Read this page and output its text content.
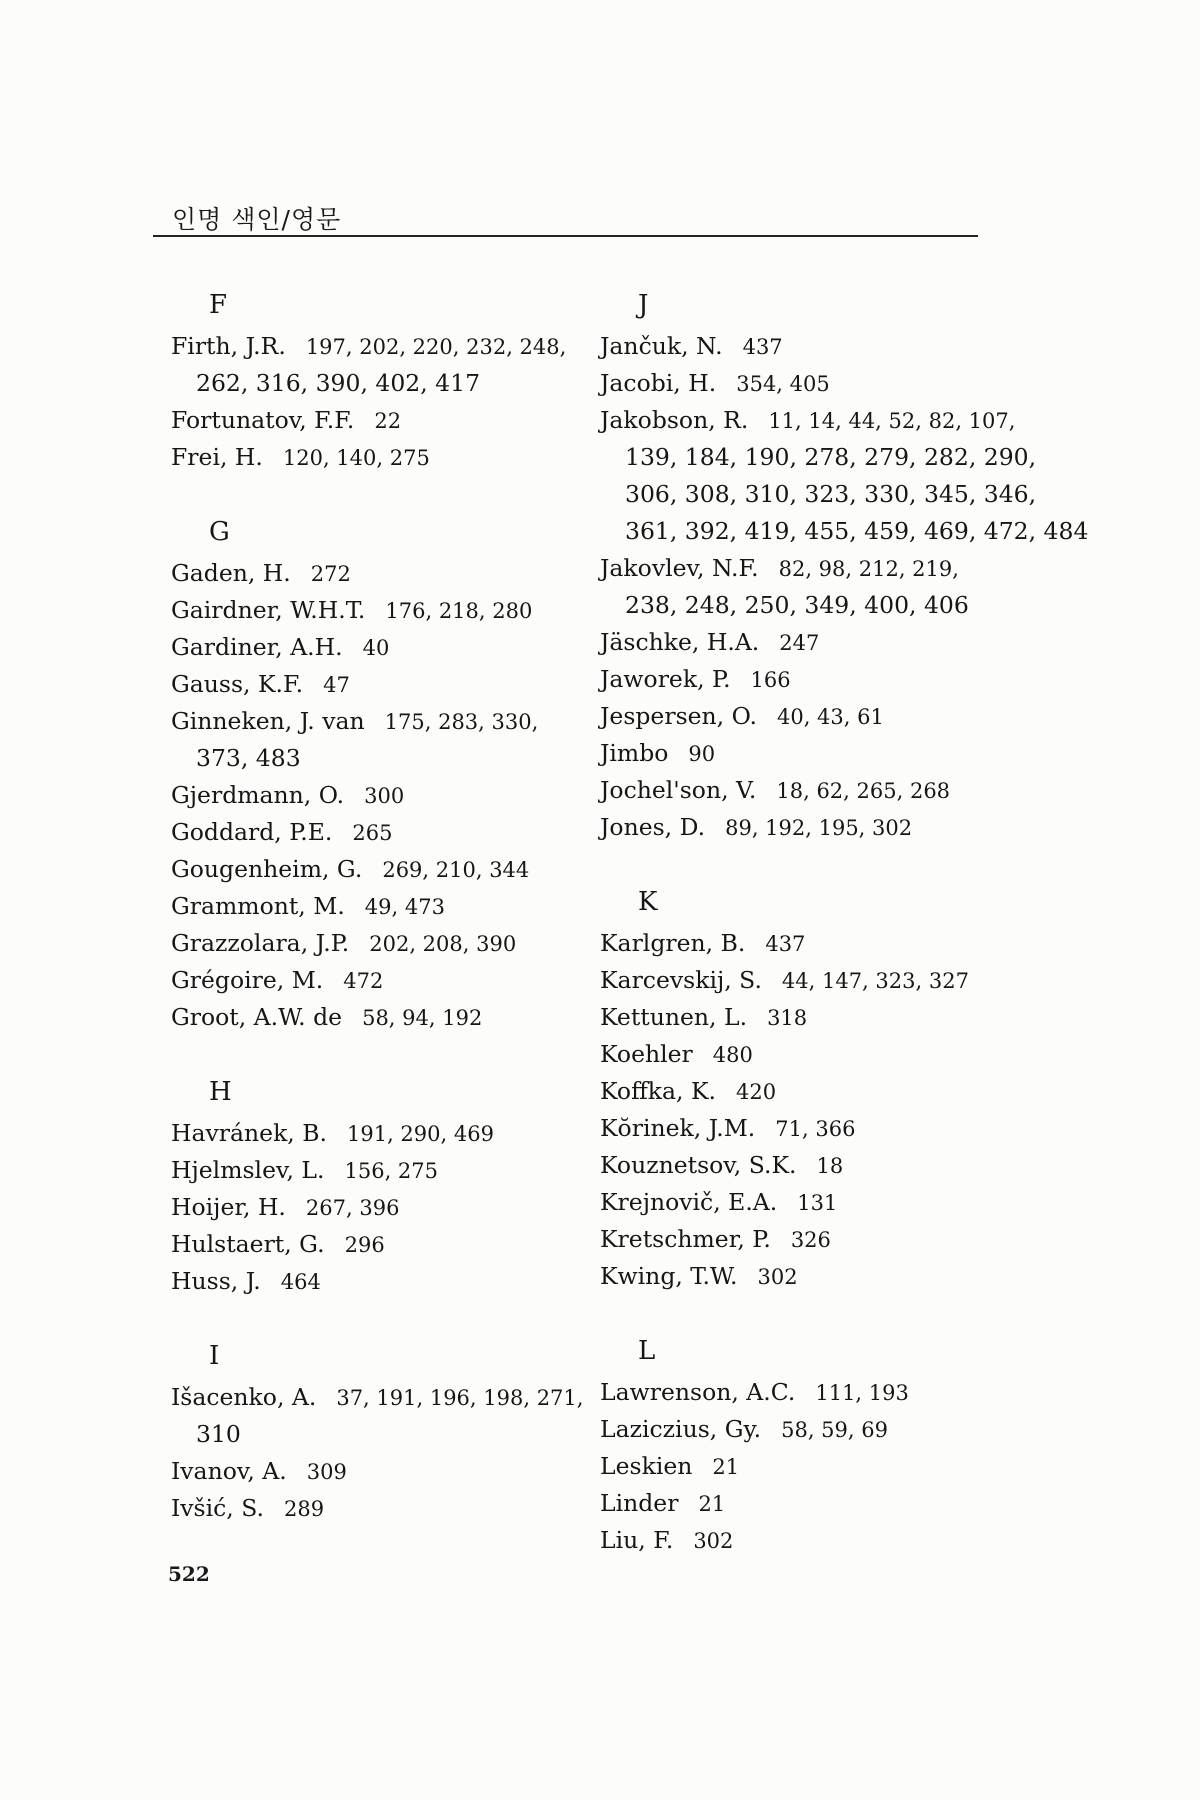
인명 색인/영문
F
Firth, J.R. 197, 202, 220, 232, 248,
262, 316, 390, 402, 417
Fortunatov, F.F. 22
Frei, H. 120, 140, 275
G
Gaden, H. 272
Gairdner, W.H.T. 176, 218, 280
Gardiner, A.H. 40
Gauss, K.F. 47
Ginneken, J. van 175, 283, 330,
373, 483
Gjerdmann, O. 300
Goddard, P.E. 265
Gougenheim, G. 269, 210, 344
Grammont, M. 49, 473
Grazzolara, J.P. 202, 208, 390
Grégoire, M. 472
Groot, A.W. de 58, 94, 192
H
Havránek, B. 191, 290, 469
Hjelmslev, L. 156, 275
Hoijer, H. 267, 396
Hulstaert, G. 296
Huss, J. 464
I
Išacenko, A. 37, 191, 196, 198, 271,
310
Ivanov, A. 309
Ivšić, S. 289
J
Jančuk, N. 437
Jacobi, H. 354, 405
Jakobson, R. 11, 14, 44, 52, 82, 107,
139, 184, 190, 278, 279, 282, 290,
306, 308, 310, 323, 330, 345, 346,
361, 392, 419, 455, 459, 469, 472, 484
Jakovlev, N.F. 82, 98, 212, 219,
238, 248, 250, 349, 400, 406
Jäschke, H.A. 247
Jaworek, P. 166
Jespersen, O. 40, 43, 61
Jimbo 90
Jochel'son, V. 18, 62, 265, 268
Jones, D. 89, 192, 195, 302
K
Karlgren, B. 437
Karcevskij, S. 44, 147, 323, 327
Kettunen, L. 318
Koehler 480
Koffka, K. 420
Kŏrinek, J.M. 71, 366
Kouznetsov, S.K. 18
Krejnovič, E.A. 131
Kretschmer, P. 326
Kwing, T.W. 302
L
Lawrenson, A.C. 111, 193
Laziczius, Gy. 58, 59, 69
Leskien 21
Linder 21
Liu, F. 302
522
